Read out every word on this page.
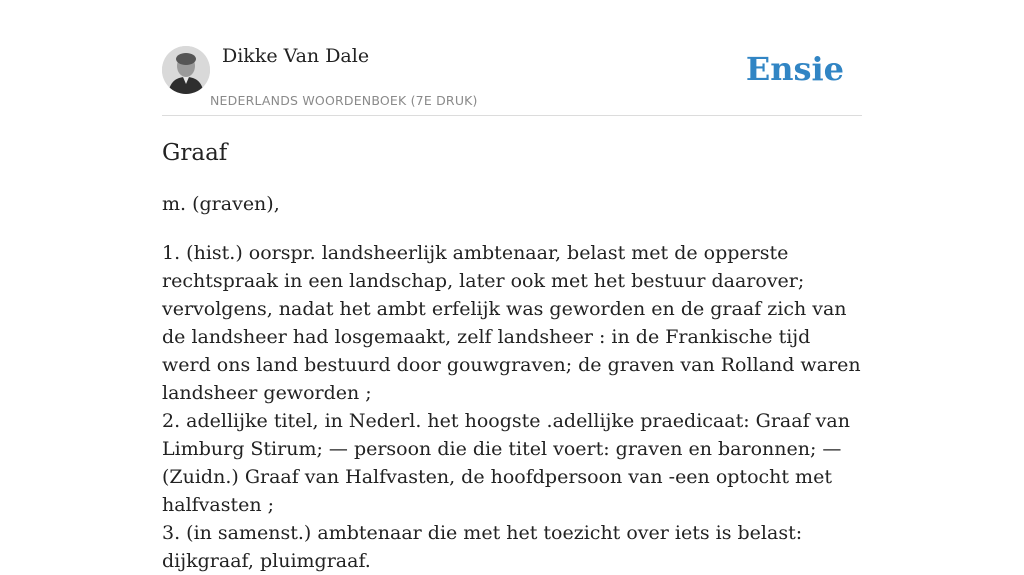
Dikke Van Dale
NEDERLANDS WOORDENBOEK (7E DRUK)
Ensie
Graaf

m. (graven),

1. (hist.) oorspr. landsheerlijk ambtenaar, belast met de opperste rechtspraak in een landschap, later ook met het bestuur daarover; vervolgens, nadat het ambt erfelijk was geworden en de graaf zich van de landsheer had losgemaakt, zelf landsheer : in de Frankische tijd werd ons land bestuurd door gouwgraven; de graven van Rolland waren landsheer geworden ;
2. adellijke titel, in Nederl. het hoogste .adellijke praedicaat: Graaf van Limburg Stirum; — persoon die die titel voert: graven en baronnen; — (Zuidn.) Graaf van Halfvasten, de hoofdpersoon van -een optocht met halfvasten ;
3. (in samenst.) ambtenaar die met het toezicht over iets is belast: dijkgraaf, pluimgraaf.
